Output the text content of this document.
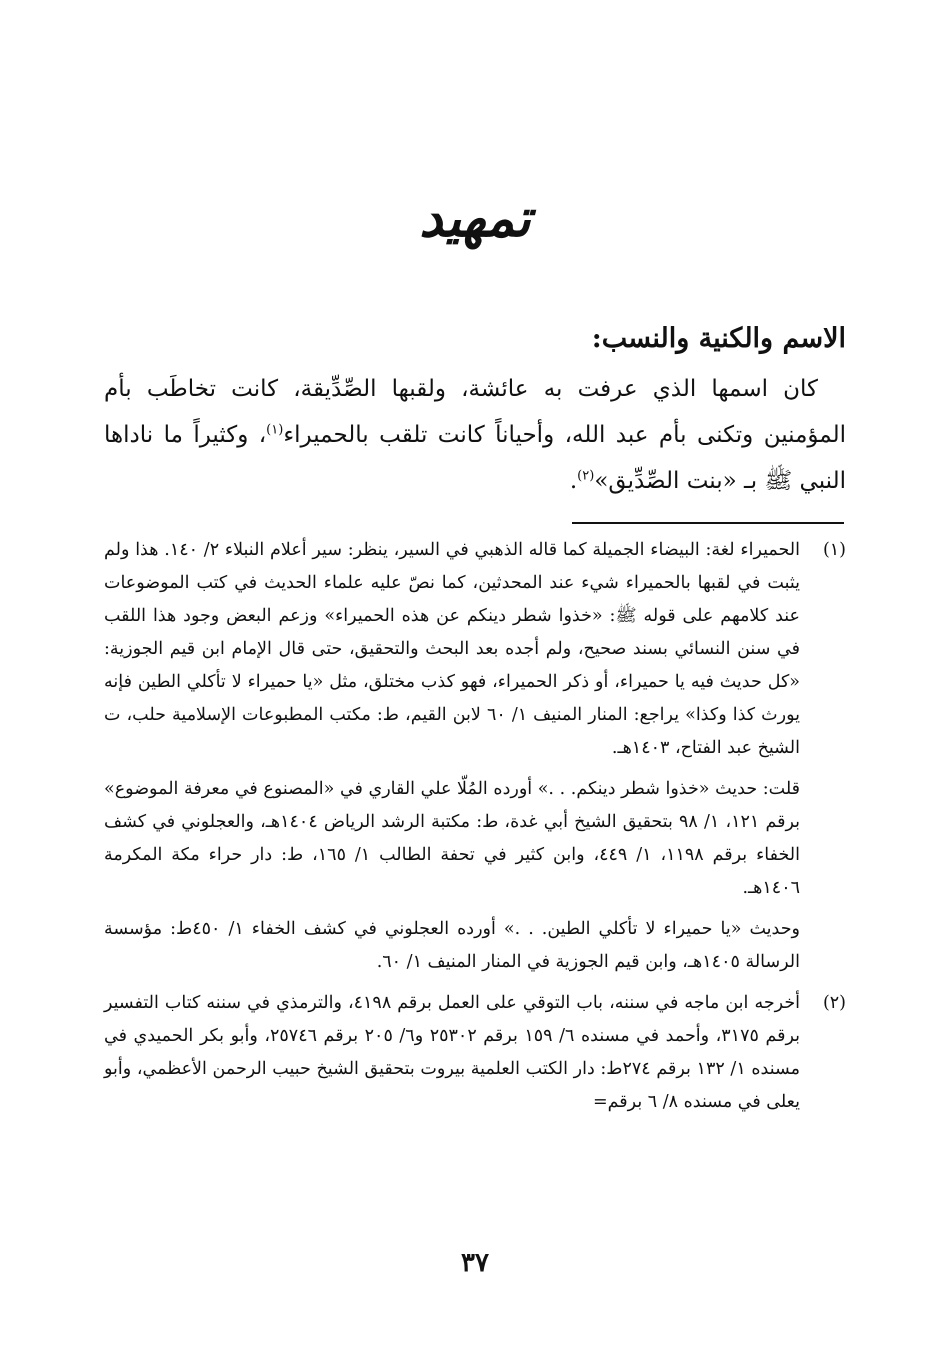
تمهيد
الاسم والكنية والنسب:

كان اسمها الذي عرفت به عائشة، ولقبها الصِّدِّيقة، كانت تخاطَب بأم المؤمنين وتكنى بأم عبد الله، وأحياناً كانت تلقب بالحميراء$^{(١)}$، وكثيراً ما ناداها النبي ﷺ بـ «بنت الصِّدِّيق»$^{(٢)}$.

(١)

الحميراء لغة: البيضاء الجميلة كما قاله الذهبي في السير، ينظر: سير أعلام النبلاء ٢/ ١٤٠. هذا ولم يثبت في لقبها بالحميراء شيء عند المحدثين، كما نصّ عليه علماء الحديث في كتب الموضوعات عند كلامهم على قوله ﷺ: «خذوا شطر دينكم عن هذه الحميراء» وزعم البعض وجود هذا اللقب في سنن النسائي بسند صحيح، ولم أجده بعد البحث والتحقيق، حتى قال الإمام ابن قيم الجوزية: «كل حديث فيه يا حميراء، أو ذكر الحميراء، فهو كذب مختلق، مثل «يا حميراء لا تأكلي الطين فإنه يورث كذا وكذا» يراجع: المنار المنيف ١/ ٦٠ لابن القيم، ط: مكتب المطبوعات الإسلامية حلب، ت الشيخ عبد الفتاح، ١٤٠٣هـ.

قلت: حديث «خذوا شطر دينكم. . .» أورده المُلّا علي القاري في «المصنوع في معرفة الموضوع» برقم ١٢١، ١/ ٩٨ بتحقيق الشيخ أبي غدة، ط: مكتبة الرشد الرياض ١٤٠٤هـ، والعجلوني في كشف الخفاء برقم ١١٩٨، ١/ ٤٤٩، وابن كثير في تحفة الطالب ١/ ١٦٥، ط: دار حراء مكة المكرمة ١٤٠٦هـ.

وحديث «يا حميراء لا تأكلي الطين. . .» أورده العجلوني في كشف الخفاء ١/ ٤٥٠ط: مؤسسة الرسالة ١٤٠٥هـ، وابن قيم الجوزية في المنار المنيف ١/ ٦٠.

(٢)

أخرجه ابن ماجه في سننه، باب التوقي على العمل برقم ٤١٩٨، والترمذي في سننه كتاب التفسير برقم ٣١٧٥، وأحمد في مسنده ٦/ ١٥٩ برقم ٢٥٣٠٢ و٦/ ٢٠٥ برقم ٢٥٧٤٦، وأبو بكر الحميدي في مسنده ١/ ١٣٢ برقم ٢٧٤ط: دار الكتب العلمية بيروت بتحقيق الشيخ حبيب الرحمن الأعظمي، وأبو يعلى في مسنده ٨/ ٦ برقم=

٣٧
